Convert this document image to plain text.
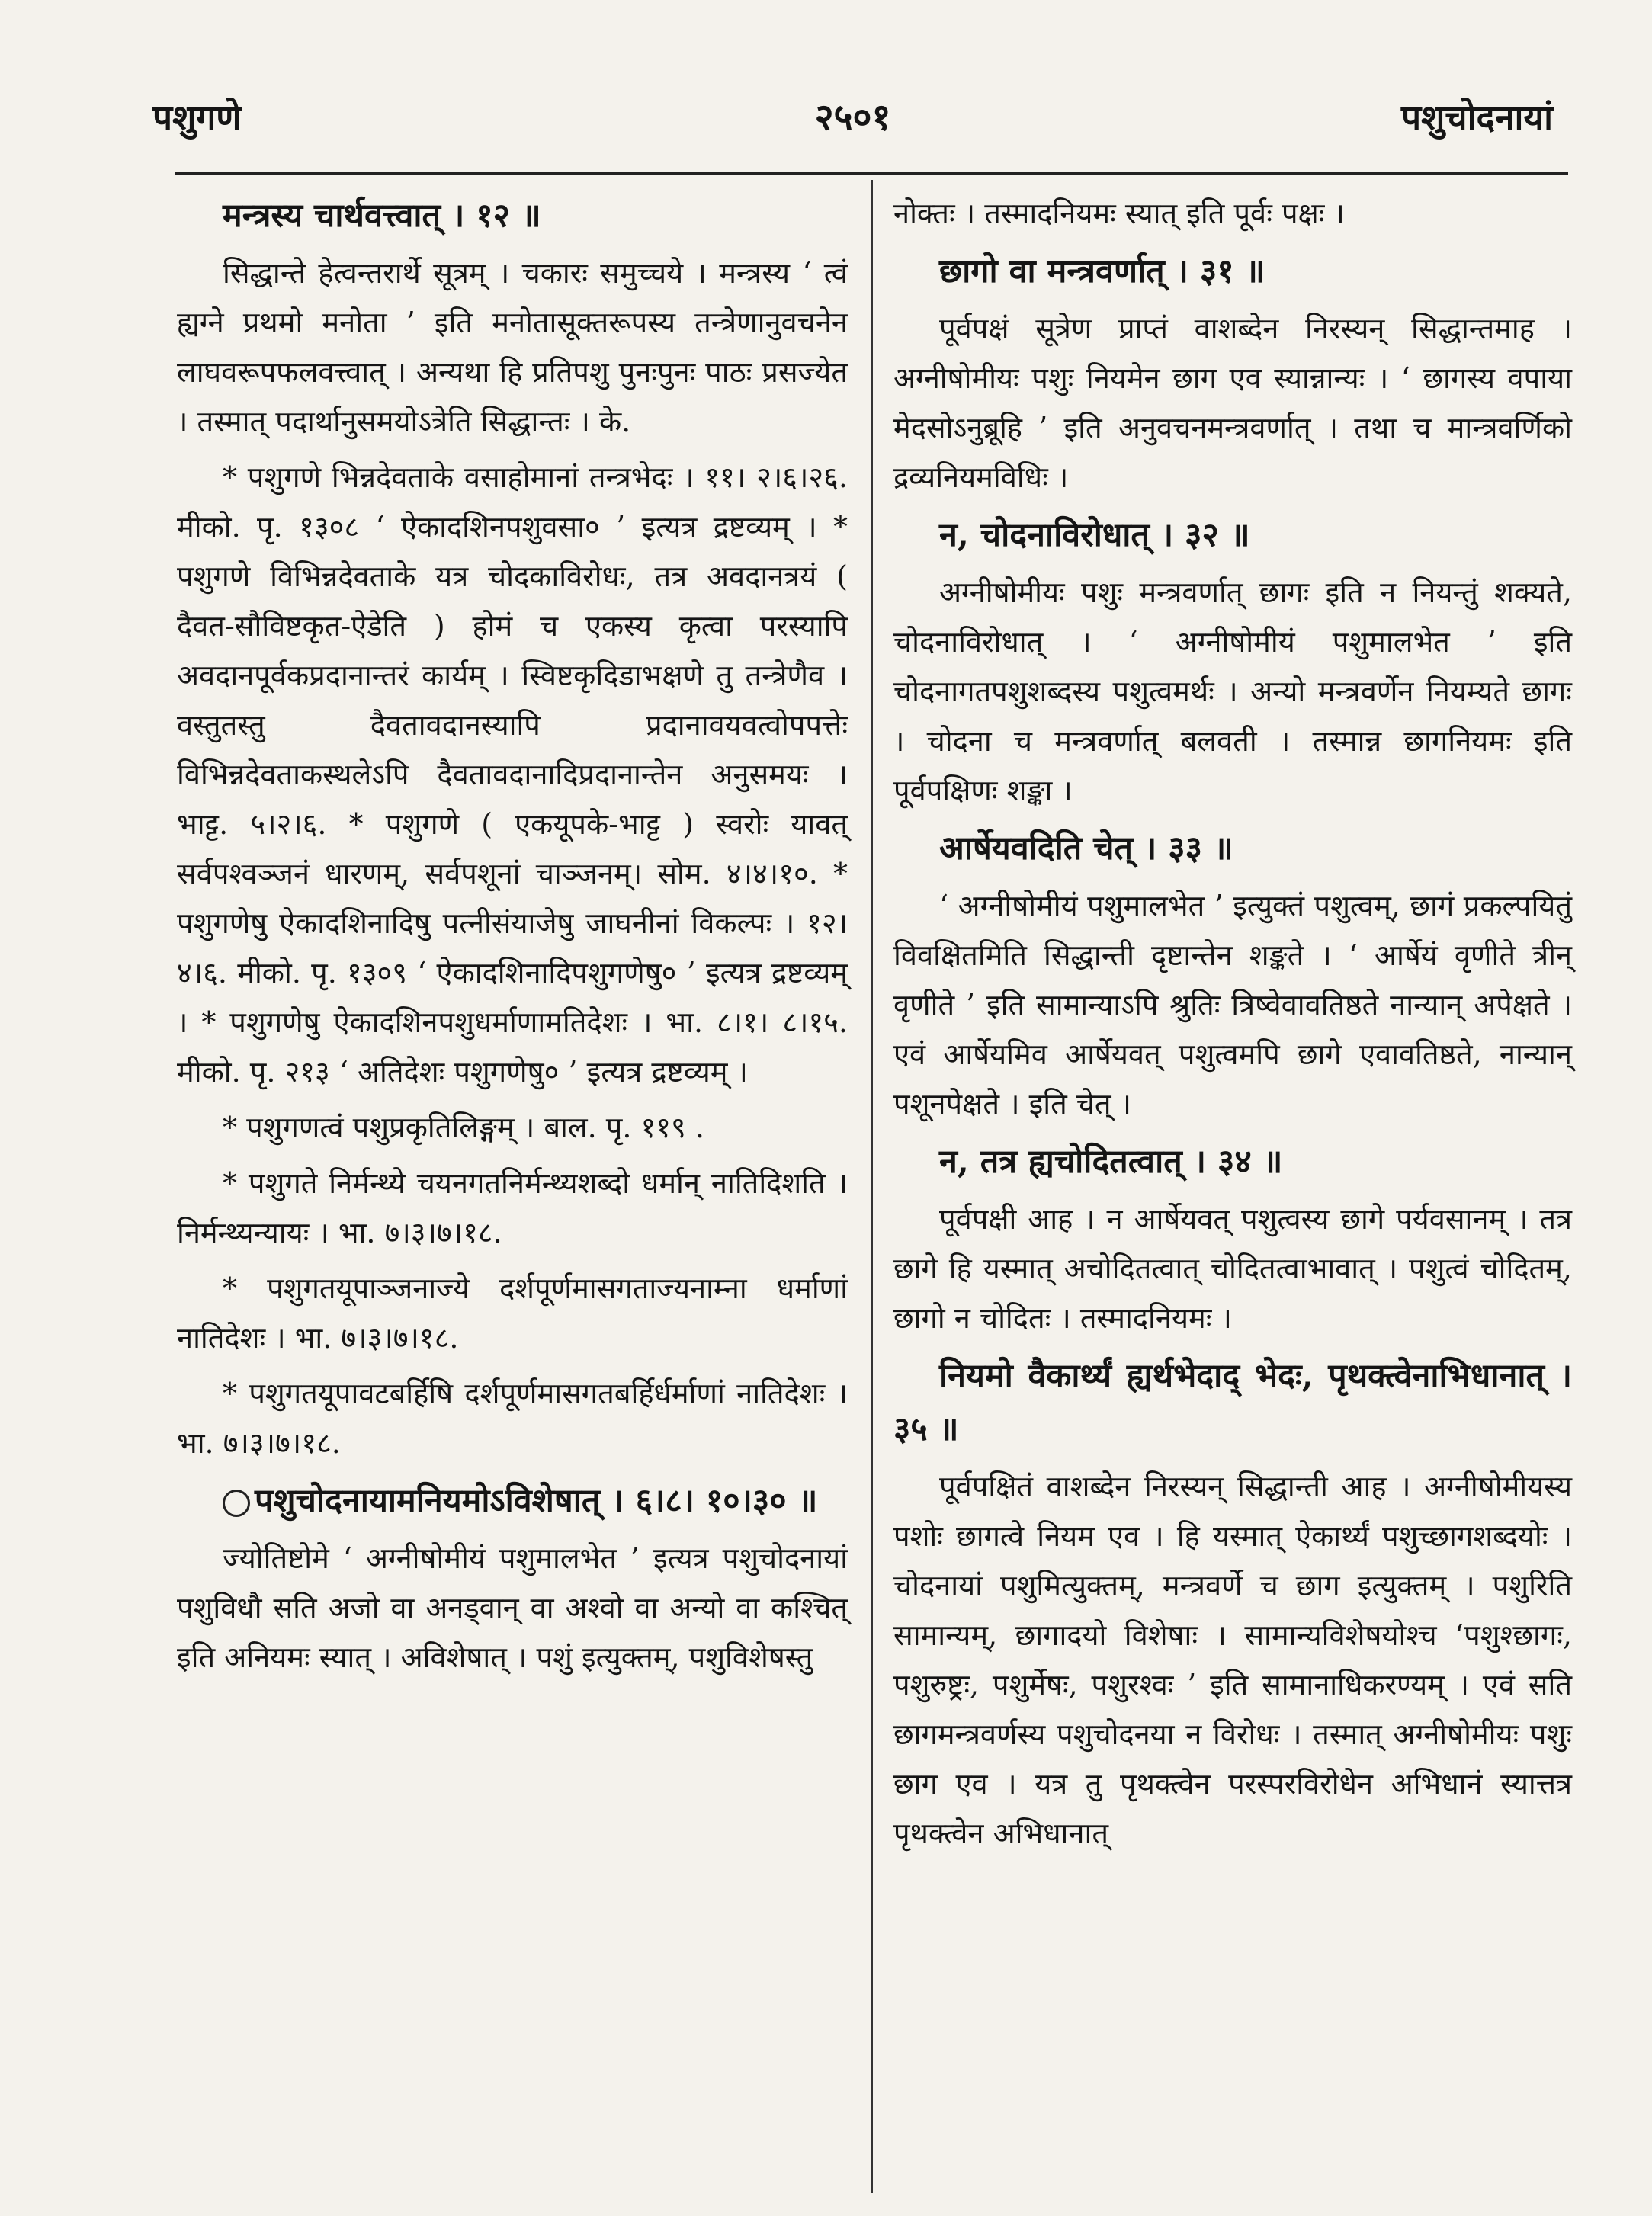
पशुगणे	२५०१	पशुचोदनायां

मन्त्रस्य चार्थवत्त्वात् । १२ ॥

सिद्धान्ते हेत्वन्तरार्थे सूत्रम् । चकारः समुच्चये । मन्त्रस्य ‘ त्वं ह्यग्ने प्रथमो मनोता ’ इति मनोतासूक्तरूपस्य तन्त्रेणानुवचनेन लाघवरूपफलवत्त्वात् । अन्यथा हि प्रतिपशु पुनःपुनः पाठः प्रसज्येत । तस्मात् पदार्थानुसमयोऽत्रेति सिद्धान्तः । के.

* पशुगणे भिन्नदेवताके वसाहोमानां तन्त्रभेदः । ११। २।६।२६. मीको. पृ. १३०८ ‘ ऐकादशिनपशुवसा० ’ इत्यत्र द्रष्टव्यम् । * पशुगणे विभिन्नदेवताके यत्र चोदकाविरोधः, तत्र अवदानत्रयं ( दैवत-सौविष्टकृत-ऐडेति ) होमं च एकस्य कृत्वा परस्यापि अवदानपूर्वकप्रदानान्तरं कार्यम् । स्विष्टकृदिडाभक्षणे तु तन्त्रेणैव । वस्तुतस्तु दैवतावदानस्यापि प्रदानावयवत्वोपपत्तेः विभिन्नदेवताकस्थलेऽपि दैवतावदानादिप्रदानान्तेन अनुसमयः । भाट्ट. ५।२।६. * पशुगणे ( एकयूपके-भाट्ट ) स्वरोः यावत् सर्वपश्वञ्जनं धारणम्, सर्वपशूनां चाञ्जनम्। सोम. ४।४।१०. * पशुगणेषु ऐकादशिनादिषु पत्नीसंयाजेषु जाघनीनां विकल्पः । १२।४।६. मीको. पृ. १३०९ ‘ ऐकादशिनादिपशुगणेषु० ’ इत्यत्र द्रष्टव्यम् । * पशुगणेषु ऐकादशिनपशुधर्माणामतिदेशः । भा. ८।१। ८।१५. मीको. पृ. २१३ ‘ अतिदेशः पशुगणेषु० ’ इत्यत्र द्रष्टव्यम् ।

* पशुगणत्वं पशुप्रकृतिलिङ्गम् । बाल. पृ. ११९ .

* पशुगते निर्मन्थ्ये चयनगतनिर्मन्थ्यशब्दो धर्मान् नातिदिशति । निर्मन्थ्यन्यायः । भा. ७।३।७।१८.

* पशुगतयूपाञ्जनाज्ये दर्शपूर्णमासगताज्यनाम्ना धर्माणां नातिदेशः । भा. ७।३।७।१८.

* पशुगतयूपावटबर्हिषि दर्शपूर्णमासगतबर्हिर्धर्माणां नातिदेशः । भा. ७।३।७।१८.

पशुचोदनायामनियमोऽविशेषात् । ६।८। १०।३० ॥

ज्योतिष्टोमे ‘ अग्नीषोमीयं पशुमालभेत ’ इत्यत्र पशुचोदनायां पशुविधौ सति अजो वा अनड्वान् वा अश्वो वा अन्यो वा कश्चित् इति अनियमः स्यात् । अविशेषात् । पशुं इत्युक्तम्, पशुविशेषस्तु

नोक्तः । तस्मादनियमः स्यात् इति पूर्वः पक्षः ।

छागो वा मन्त्रवर्णात् । ३१ ॥

पूर्वपक्षं सूत्रेण प्राप्तं वाशब्देन निरस्यन् सिद्धान्तमाह । अग्नीषोमीयः पशुः नियमेन छाग एव स्यान्नान्यः । ‘ छागस्य वपाया मेदसोऽनुब्रूहि ’ इति अनुवचनमन्त्रवर्णात् । तथा च मान्त्रवर्णिको द्रव्यनियमविधिः ।

न, चोदनाविरोधात् । ३२ ॥

अग्नीषोमीयः पशुः मन्त्रवर्णात् छागः इति न नियन्तुं शक्यते, चोदनाविरोधात् । ‘ अग्नीषोमीयं पशुमालभेत ’ इति चोदनागतपशुशब्दस्य पशुत्वमर्थः । अन्यो मन्त्रवर्णेन नियम्यते छागः । चोदना च मन्त्रवर्णात् बलवती । तस्मान्न छागनियमः इति पूर्वपक्षिणः शङ्का ।

आर्षेयवदिति चेत् । ३३ ॥

‘ अग्नीषोमीयं पशुमालभेत ’ इत्युक्तं पशुत्वम्, छागं प्रकल्पयितुं विवक्षितमिति सिद्धान्ती दृष्टान्तेन शङ्कते । ‘ आर्षेयं वृणीते त्रीन् वृणीते ’ इति सामान्याऽपि श्रुतिः त्रिष्वेवावतिष्ठते नान्यान् अपेक्षते । एवं आर्षेयमिव आर्षेयवत् पशुत्वमपि छागे एवावतिष्ठते, नान्यान् पशूनपेक्षते । इति चेत् ।

न, तत्र ह्यचोदितत्वात् । ३४ ॥

पूर्वपक्षी आह । न आर्षेयवत् पशुत्वस्य छागे पर्यवसानम् । तत्र छागे हि यस्मात् अचोदितत्वात् चोदितत्वाभावात् । पशुत्वं चोदितम्, छागो न चोदितः । तस्मादनियमः ।

नियमो वैकार्थ्यं ह्यर्थभेदाद् भेदः, पृथक्त्वेनाभिधानात् । ३५ ॥

पूर्वपक्षितं वाशब्देन निरस्यन् सिद्धान्ती आह । अग्नीषोमीयस्य पशोः छागत्वे नियम एव । हि यस्मात् ऐकार्थ्यं पशुच्छागशब्दयोः । चोदनायां पशुमित्युक्तम्, मन्त्रवर्णे च छाग इत्युक्तम् । पशुरिति सामान्यम्, छागादयो विशेषाः । सामान्यविशेषयोश्च ‘पशुश्छागः, पशुरुष्ट्रः, पशुर्मेषः, पशुरश्वः ’ इति सामानाधिकरण्यम् । एवं सति छागमन्त्रवर्णस्य पशुचोदनया न विरोधः । तस्मात् अग्नीषोमीयः पशुः छाग एव । यत्र तु पृथक्त्वेन परस्परविरोधेन अभिधानं स्यात्तत्र पृथक्त्वेन अभिधानात्
